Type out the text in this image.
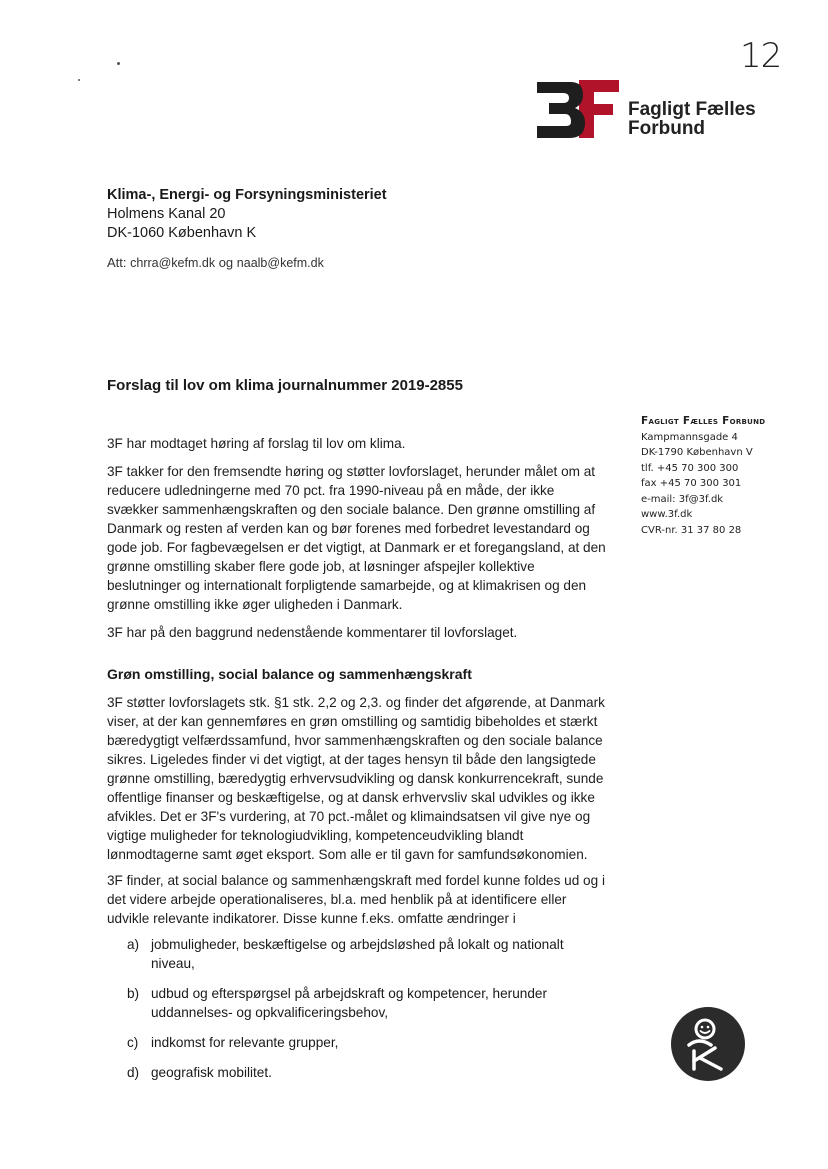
12
Fagligt Fælles
Forbund
Klima-, Energi- og Forsyningsministeriet
Holmens Kanal 20
DK-1060 København K
Att: chrra@kefm.dk og naalb@kefm.dk
Forslag til lov om klima journalnummer 2019-2855
Fagligt Fælles Forbund
Kampmannsgade 4
DK-1790 København V
tlf. +45 70 300 300
fax +45 70 300 301
e-mail: 3f@3f.dk
www.3f.dk
CVR-nr. 31 37 80 28

3F har modtaget høring af forslag til lov om klima.

3F takker for den fremsendte høring og støtter lovforslaget, herunder målet om at reducere udledningerne med 70 pct. fra 1990-niveau på en måde, der ikke svækker sammenhængskraften og den sociale balance. Den grønne omstilling af Danmark og resten af verden kan og bør forenes med forbedret levestandard og gode job. For fagbevægelsen er det vigtigt, at Danmark er et foregangsland, at den grønne omstilling skaber flere gode job, at løsninger afspejler kollektive beslutninger og internationalt forpligtende samarbejde, og at klimakrisen og den grønne omstilling ikke øger uligheden i Danmark.

3F har på den baggrund nedenstående kommentarer til lovforslaget.

Grøn omstilling, social balance og sammenhængskraft

3F støtter lovforslagets stk. §1 stk. 2,2 og 2,3. og finder det afgørende, at Danmark viser, at der kan gennemføres en grøn omstilling og samtidig bibeholdes et stærkt bæredygtigt velfærdssamfund, hvor sammenhængskraften og den sociale balance sikres. Ligeledes finder vi det vigtigt, at der tages hensyn til både den langsigtede grønne omstilling, bæredygtig erhvervsudvikling og dansk konkurrencekraft, sunde offentlige finanser og beskæftigelse, og at dansk erhvervsliv skal udvikles og ikke afvikles. Det er 3F's vurdering, at 70 pct.-målet og klimaindsatsen vil give nye og vigtige muligheder for teknologiudvikling, kompetenceudvikling blandt lønmodtagerne samt øget eksport. Som alle er til gavn for samfundsøkonomien.

3F finder, at social balance og sammenhængskraft med fordel kunne foldes ud og i det videre arbejde operationaliseres, bl.a. med henblik på at identificere eller udvikle relevante indikatorer. Disse kunne f.eks. omfatte ændringer i

a) jobmuligheder, beskæftigelse og arbejdsløshed på lokalt og nationalt niveau,
b) udbud og efterspørgsel på arbejdskraft og kompetencer, herunder uddannelses- og opkvalificeringsbehov,
c) indkomst for relevante grupper,
d) geografisk mobilitet.
